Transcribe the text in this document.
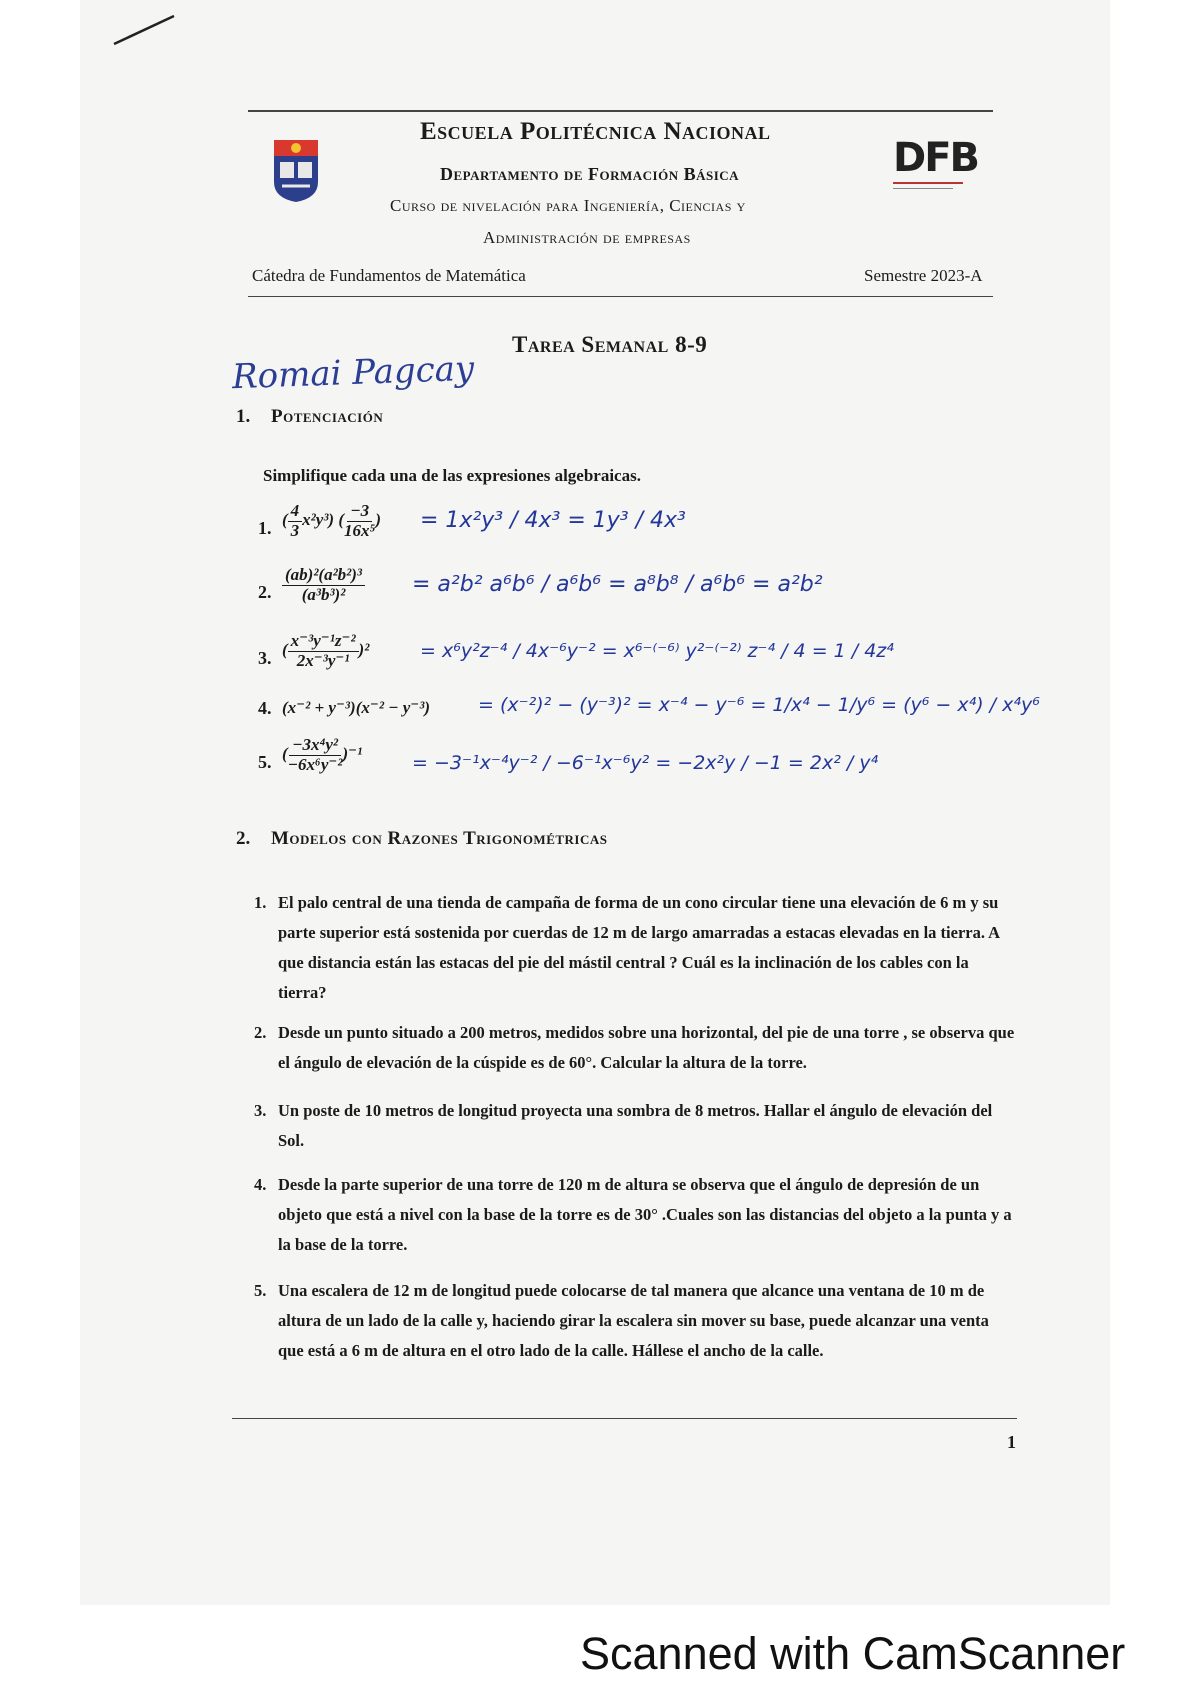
DFB
Escuela Politécnica Nacional
Departamento de Formación Básica
Curso de nivelación para Ingeniería, Ciencias y
Administración de empresas
Cátedra de Fundamentos de Matemática	Semestre 2023-A
Tarea Semanal 8-9
Romai Pagcay
1. Potenciación
Simplifique cada una de las expresiones algebraicas.
1. ( $\frac{4}{3} x^2y^3$) ( $\frac{-3}{\text{16x⁵}}$ ) = 1x²y³ / 4x³ = 1y³ / 4x³
2. $\frac{\text{(ab)²(a²b²)³}}{\text{(a³b³)²}} = a^2b^2$ a⁶b⁶ / a⁶b⁶ = a⁸b⁸ / a⁶b⁶ = a²b²
3. ( $\frac{\text{x⁻³y⁻¹z⁻²}}{\text{2x⁻³y⁻¹}} )^2$	= x⁶y²z⁻⁴ / 4x⁻⁶y⁻² = x⁶⁻⁽⁻⁶⁾ y²⁻⁽⁻²⁾ z⁻⁴ / 4 = 1 / 4z⁴
4. (x⁻² + y⁻³)(x⁻² − y⁻³)	= (x⁻²)² − (y⁻³)² = x⁻⁴ − y⁻⁶ = 1/x⁴ − 1/y⁶ = (y⁶ − x⁴) / x⁴y⁶
5. ( $\frac{\text{−3x⁴y²}}{\text{−6x⁶y⁻²}} )^{-1}$	= −3⁻¹x⁻⁴y⁻² / −6⁻¹x⁻⁶y² = −2x²y / −1 = 2x² / y⁴
2. Modelos con Razones Trigonométricas
1. El palo central de una tienda de campaña de forma de un cono circular tiene una elevación de 6 m y su parte superior está sostenida por cuerdas de 12 m de largo amarradas a estacas elevadas en la tierra. A que distancia están las estacas del pie del mástil central ? Cuál es la inclinación de los cables con la tierra?
2. Desde un punto situado a 200 metros, medidos sobre una horizontal, del pie de una torre , se observa que el ángulo de elevación de la cúspide es de 60°. Calcular la altura de la torre.
3. Un poste de 10 metros de longitud proyecta una sombra de 8 metros. Hallar el ángulo de elevación del Sol.
4. Desde la parte superior de una torre de 120 m de altura se observa que el ángulo de depresión de un objeto que está a nivel con la base de la torre es de 30° .Cuales son las distancias del objeto a la punta y a la base de la torre.
5. Una escalera de 12 m de longitud puede colocarse de tal manera que alcance una ventana de 10 m de altura de un lado de la calle y, haciendo girar la escalera sin mover su base, puede alcanzar una venta que está a 6 m de altura en el otro lado de la calle. Hállese el ancho de la calle.
1
Scanned with CamScanner
